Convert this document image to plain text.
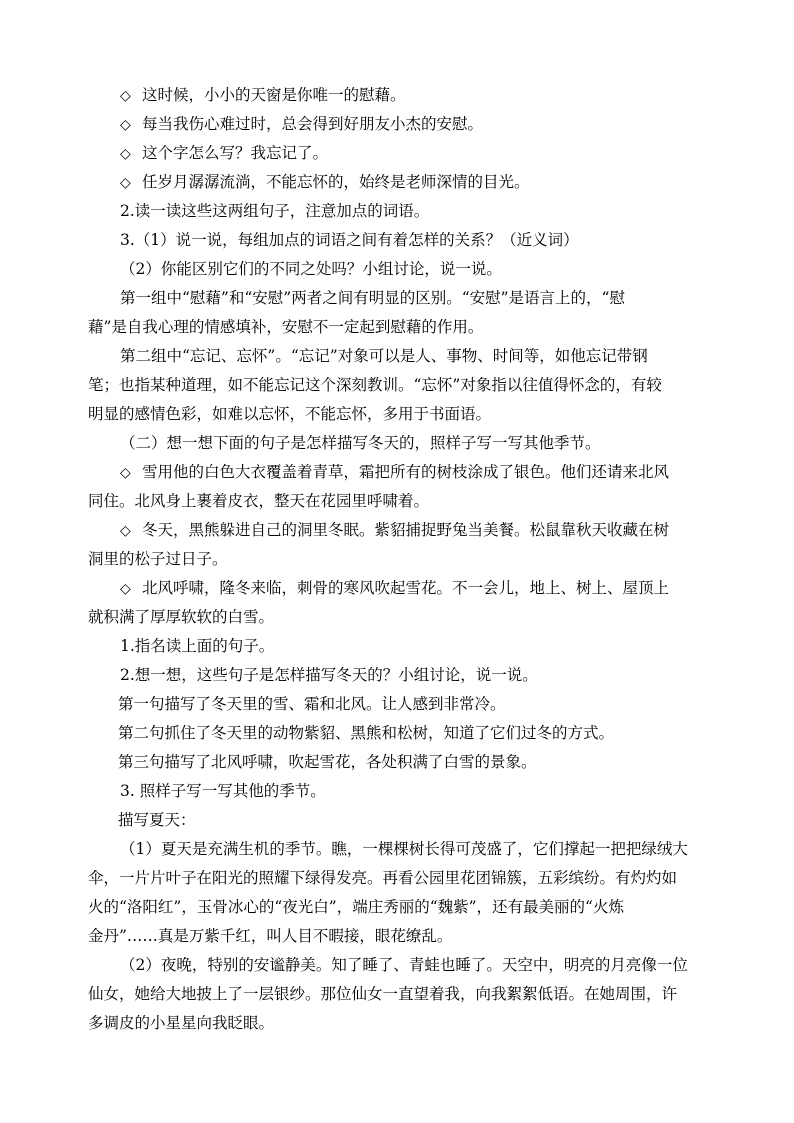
◇ 这时候，小小的天窗是你唯一的慰藉。
◇ 每当我伤心难过时，总会得到好朋友小杰的安慰。
◇ 这个字怎么写？我忘记了。
◇ 任岁月潺潺流淌，不能忘怀的，始终是老师深情的目光。
2.读一读这些这两组句子，注意加点的词语。
3.（1）说一说，每组加点的词语之间有着怎样的关系？（近义词）
（2）你能区别它们的不同之处吗？小组讨论，说一说。
第一组中“慰藉”和“安慰”两者之间有明显的区别。“安慰”是语言上的，“慰
藉”是自我心理的情感填补，安慰不一定起到慰藉的作用。
第二组中“忘记、忘怀”。“忘记”对象可以是人、事物、时间等，如他忘记带钢
笔；也指某种道理，如不能忘记这个深刻教训。“忘怀”对象指以往值得怀念的，有较
明显的感情色彩，如难以忘怀，不能忘怀，多用于书面语。
（二）想一想下面的句子是怎样描写冬天的，照样子写一写其他季节。
◇ 雪用他的白色大衣覆盖着青草，霜把所有的树枝涂成了银色。他们还请来北风
同住。北风身上裹着皮衣，整天在花园里呼啸着。
◇ 冬天，黑熊躲进自己的洞里冬眠。紫貂捕捉野兔当美餐。松鼠靠秋天收藏在树
洞里的松子过日子。
◇ 北风呼啸，隆冬来临，刺骨的寒风吹起雪花。不一会儿，地上、树上、屋顶上
就积满了厚厚软软的白雪。
1.指名读上面的句子。
2.想一想，这些句子是怎样描写冬天的？小组讨论，说一说。
第一句描写了冬天里的雪、霜和北风。让人感到非常冷。
第二句抓住了冬天里的动物紫貂、黑熊和松树，知道了它们过冬的方式。
第三句描写了北风呼啸，吹起雪花，各处积满了白雪的景象。
3. 照样子写一写其他的季节。
描写夏天：
（1）夏天是充满生机的季节。瞧，一棵棵树长得可茂盛了，它们撑起一把把绿绒大
伞，一片片叶子在阳光的照耀下绿得发亮。再看公园里花团锦簇，五彩缤纷。有灼灼如
火的“洛阳红”，玉骨冰心的“夜光白”，端庄秀丽的“魏紫”，还有最美丽的“火炼
金丹”……真是万紫千红，叫人目不暇接，眼花缭乱。
（2）夜晚，特别的安谧静美。知了睡了、青蛙也睡了。天空中，明亮的月亮像一位
仙女，她给大地披上了一层银纱。那位仙女一直望着我，向我絮絮低语。在她周围，许
多调皮的小星星向我眨眼。
